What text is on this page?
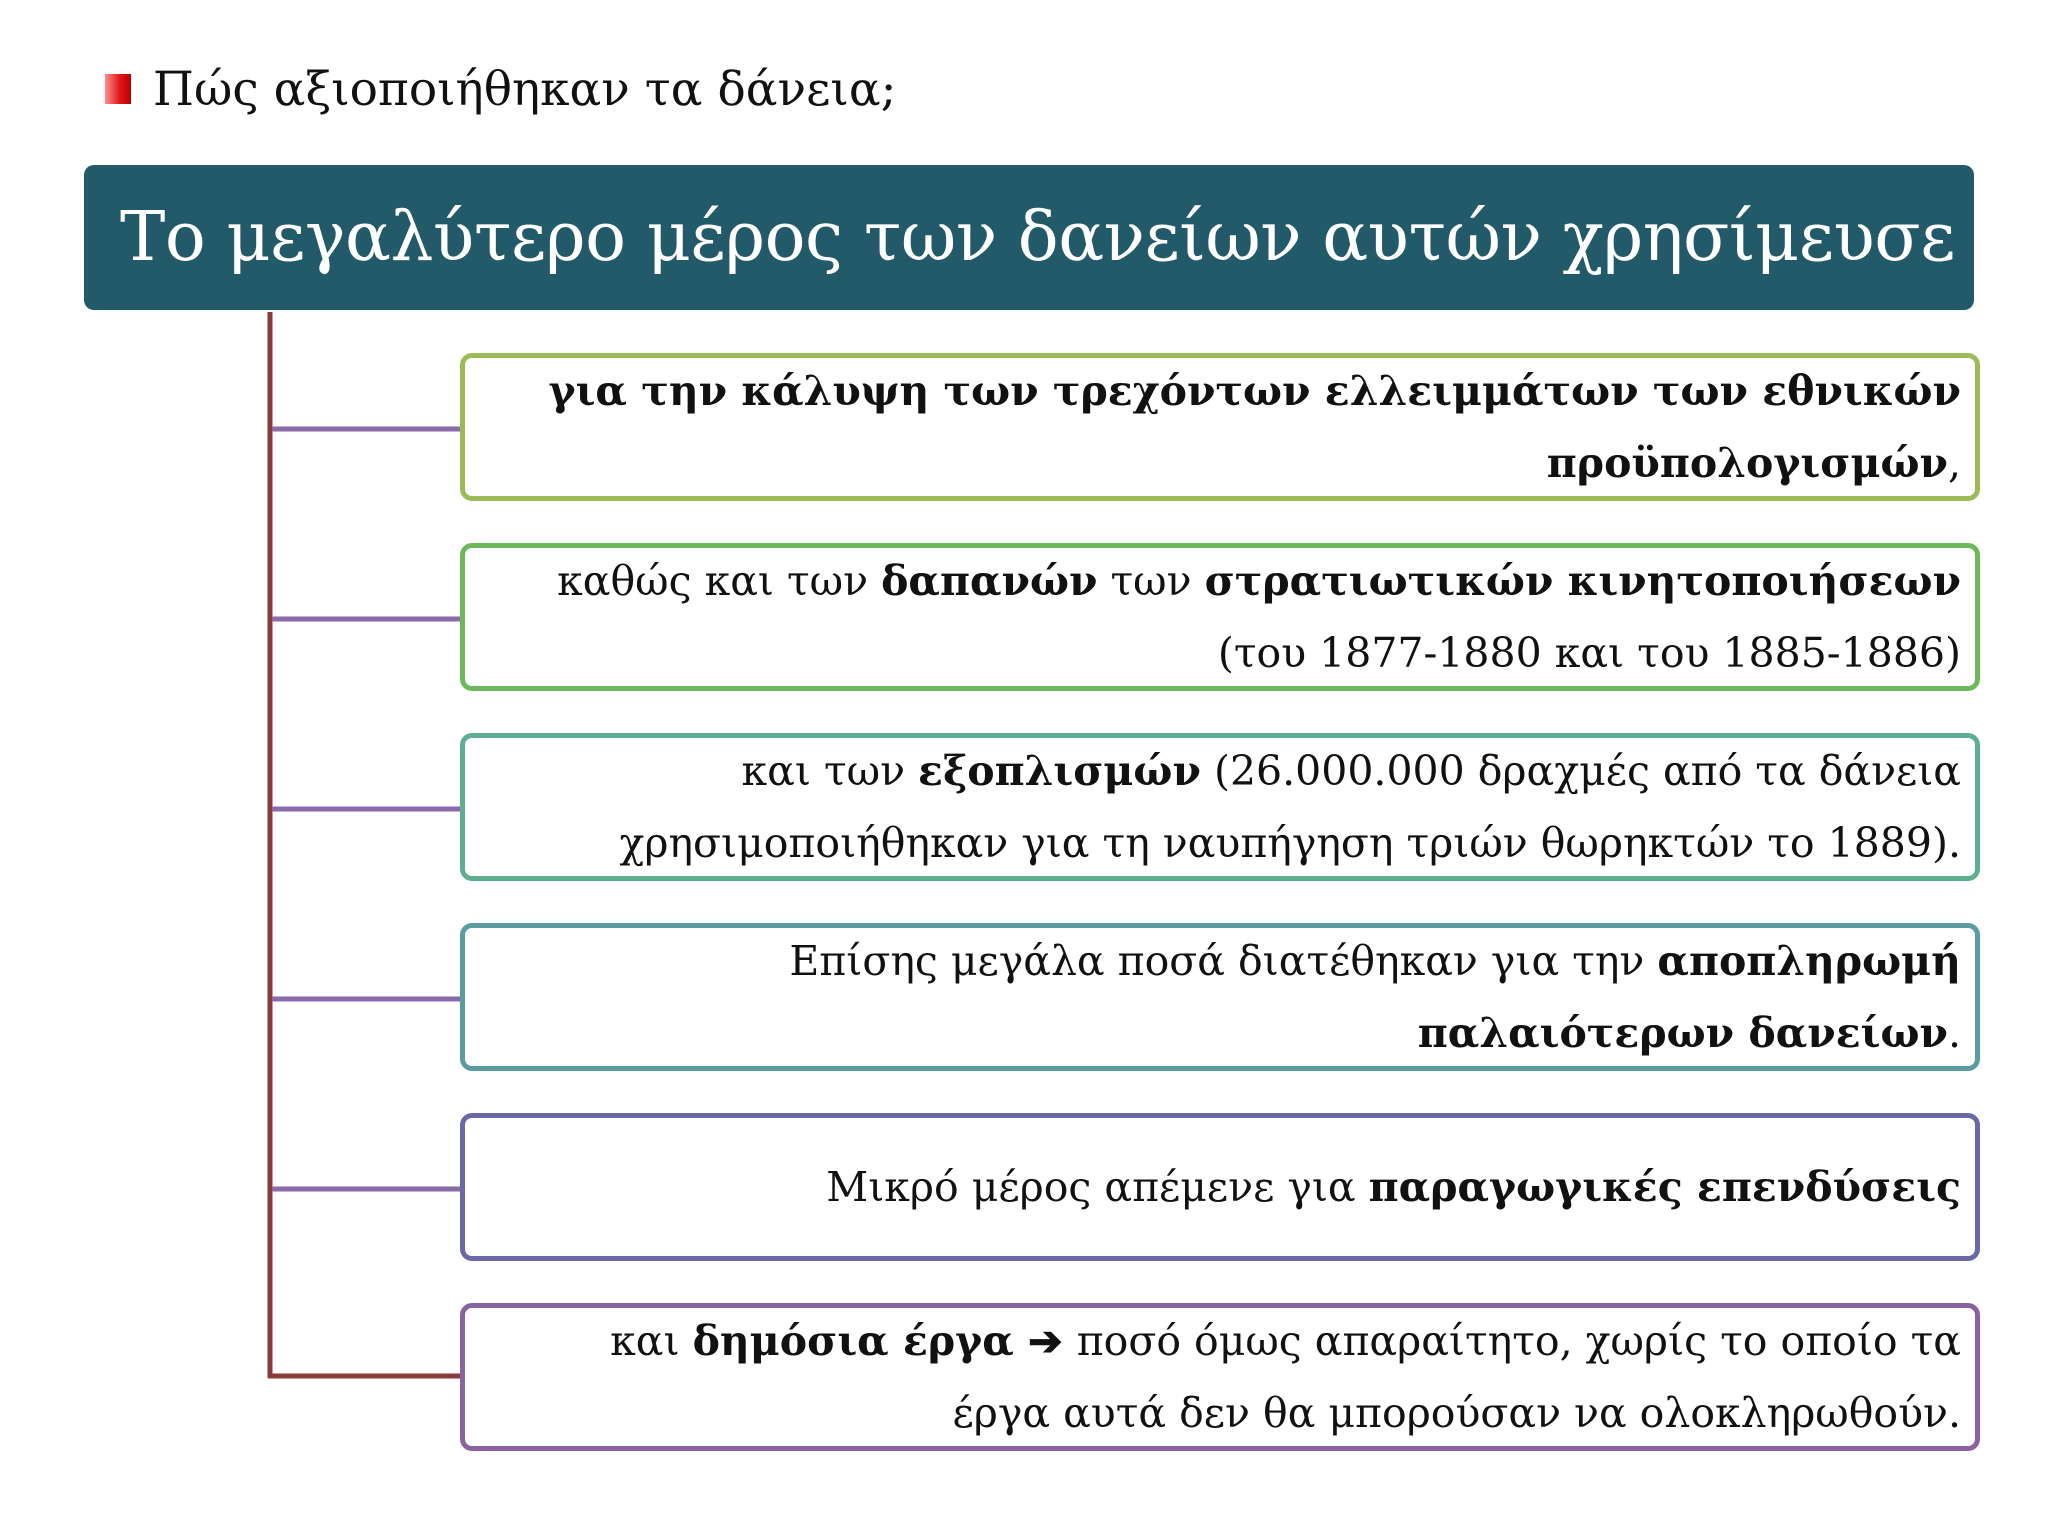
Πώς αξιοποιήθηκαν τα δάνεια;
Το μεγαλύτερο μέρος των δανείων αυτών χρησίμευσε
για την κάλυψη των τρεχόντων ελλειμμάτων των εθνικών
προϋπολογισμών,
καθώς και των δαπανών των στρατιωτικών κινητοποιήσεων
(του 1877-1880 και του 1885-1886)
και των εξοπλισμών (26.000.000 δραχμές από τα δάνεια
χρησιμοποιήθηκαν για τη ναυπήγηση τριών θωρηκτών το 1889).
Επίσης μεγάλα ποσά διατέθηκαν για την αποπληρωμή
παλαιότερων δανείων.
Μικρό μέρος απέμενε για παραγωγικές επενδύσεις
και δημόσια έργα ➔ ποσό όμως απαραίτητο, χωρίς το οποίο τα
έργα αυτά δεν θα μπορούσαν να ολοκληρωθούν.
